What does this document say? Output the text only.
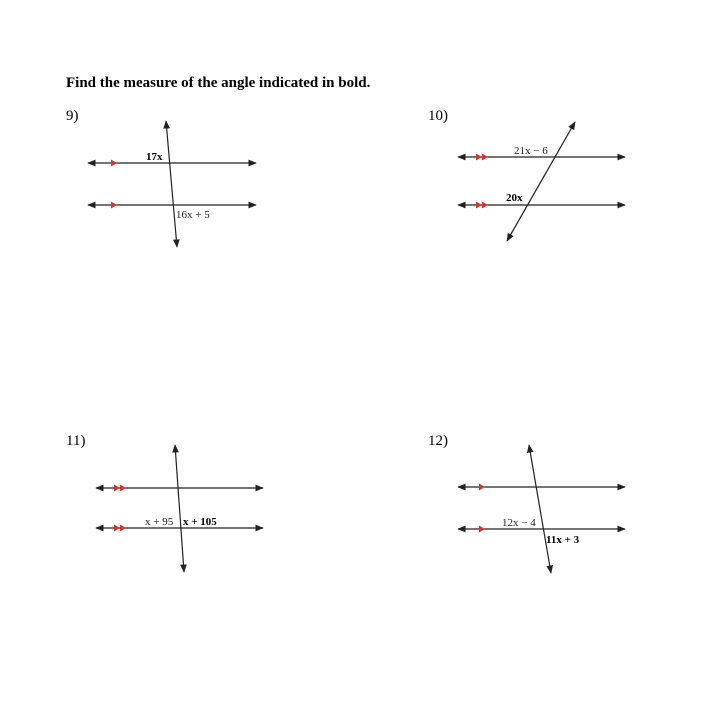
Find the measure of the angle indicated in bold.

9)
17x
16x + 5
21x − 6
20x
x + 95 x + 105	12x − 4
11x + 3
10)
11)	12)
